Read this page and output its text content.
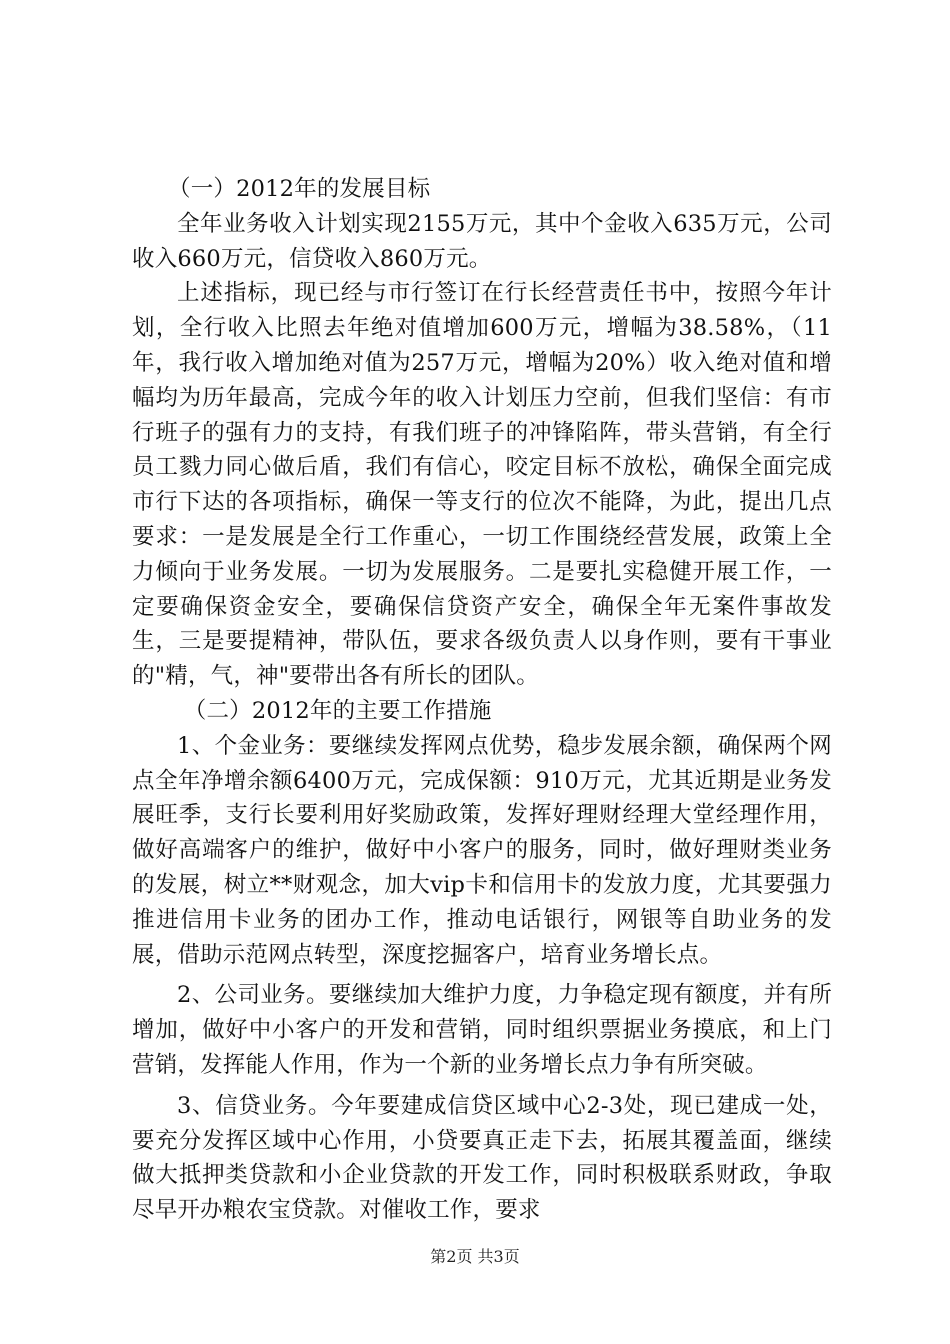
（一）2012年的发展目标

全年业务收入计划实现2155万元，其中个金收入635万元，公司收入660万元，信贷收入860万元。

上述指标，现已经与市行签订在行长经营责任书中，按照今年计划，全行收入比照去年绝对值增加600万元，增幅为38.58%，（11年，我行收入增加绝对值为257万元，增幅为20%）收入绝对值和增幅均为历年最高，完成今年的收入计划压力空前，但我们坚信：有市行班子的强有力的支持，有我们班子的冲锋陷阵，带头营销，有全行员工戮力同心做后盾，我们有信心，咬定目标不放松，确保全面完成市行下达的各项指标，确保一等支行的位次不能降，为此，提出几点要求：一是发展是全行工作重心，一切工作围绕经营发展，政策上全力倾向于业务发展。一切为发展服务。二是要扎实稳健开展工作，一定要确保资金安全，要确保信贷资产安全，确保全年无案件事故发生，三是要提精神，带队伍，要求各级负责人以身作则，要有干事业的"精，气，神"要带出各有所长的团队。

（二）2012年的主要工作措施

1、个金业务：要继续发挥网点优势，稳步发展余额，确保两个网点全年净增余额6400万元，完成保额：910万元，尤其近期是业务发展旺季，支行长要利用好奖励政策，发挥好理财经理大堂经理作用，做好高端客户的维护，做好中小客户的服务，同时，做好理财类业务的发展，树立**财观念，加大vip卡和信用卡的发放力度，尤其要强力推进信用卡业务的团办工作，推动电话银行，网银等自助业务的发展，借助示范网点转型，深度挖掘客户，培育业务增长点。

2、公司业务。要继续加大维护力度，力争稳定现有额度，并有所增加，做好中小客户的开发和营销，同时组织票据业务摸底，和上门营销，发挥能人作用，作为一个新的业务增长点力争有所突破。

3、信贷业务。今年要建成信贷区域中心2-3处，现已建成一处，要充分发挥区域中心作用，小贷要真正走下去，拓展其覆盖面，继续做大抵押类贷款和小企业贷款的开发工作，同时积极联系财政，争取尽早开办粮农宝贷款。对催收工作，要求

第2页 共3页
